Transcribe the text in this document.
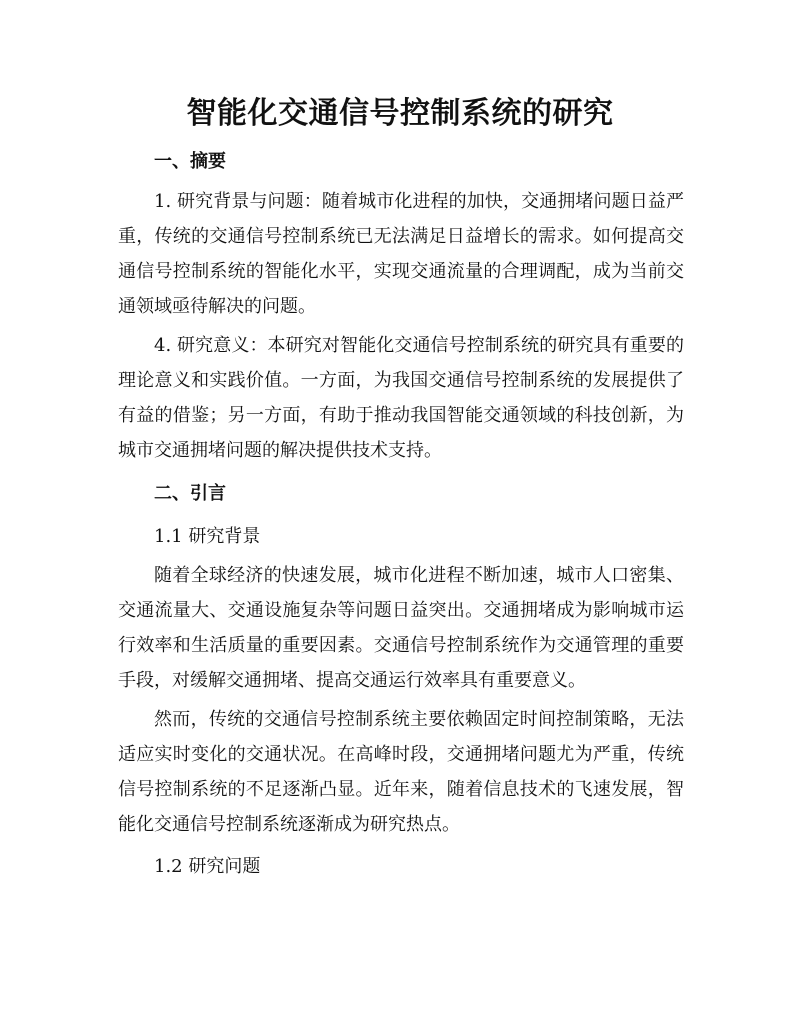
智能化交通信号控制系统的研究

一、摘要

1. 研究背景与问题：随着城市化进程的加快，交通拥堵问题日益严重，传统的交通信号控制系统已无法满足日益增长的需求。如何提高交通信号控制系统的智能化水平，实现交通流量的合理调配，成为当前交通领域亟待解决的问题。

4. 研究意义：本研究对智能化交通信号控制系统的研究具有重要的理论意义和实践价值。一方面，为我国交通信号控制系统的发展提供了有益的借鉴；另一方面，有助于推动我国智能交通领域的科技创新，为城市交通拥堵问题的解决提供技术支持。

二、引言

1.1 研究背景

随着全球经济的快速发展，城市化进程不断加速，城市人口密集、交通流量大、交通设施复杂等问题日益突出。交通拥堵成为影响城市运行效率和生活质量的重要因素。交通信号控制系统作为交通管理的重要手段，对缓解交通拥堵、提高交通运行效率具有重要意义。

然而，传统的交通信号控制系统主要依赖固定时间控制策略，无法适应实时变化的交通状况。在高峰时段，交通拥堵问题尤为严重，传统信号控制系统的不足逐渐凸显。近年来，随着信息技术的飞速发展，智能化交通信号控制系统逐渐成为研究热点。

1.2 研究问题
